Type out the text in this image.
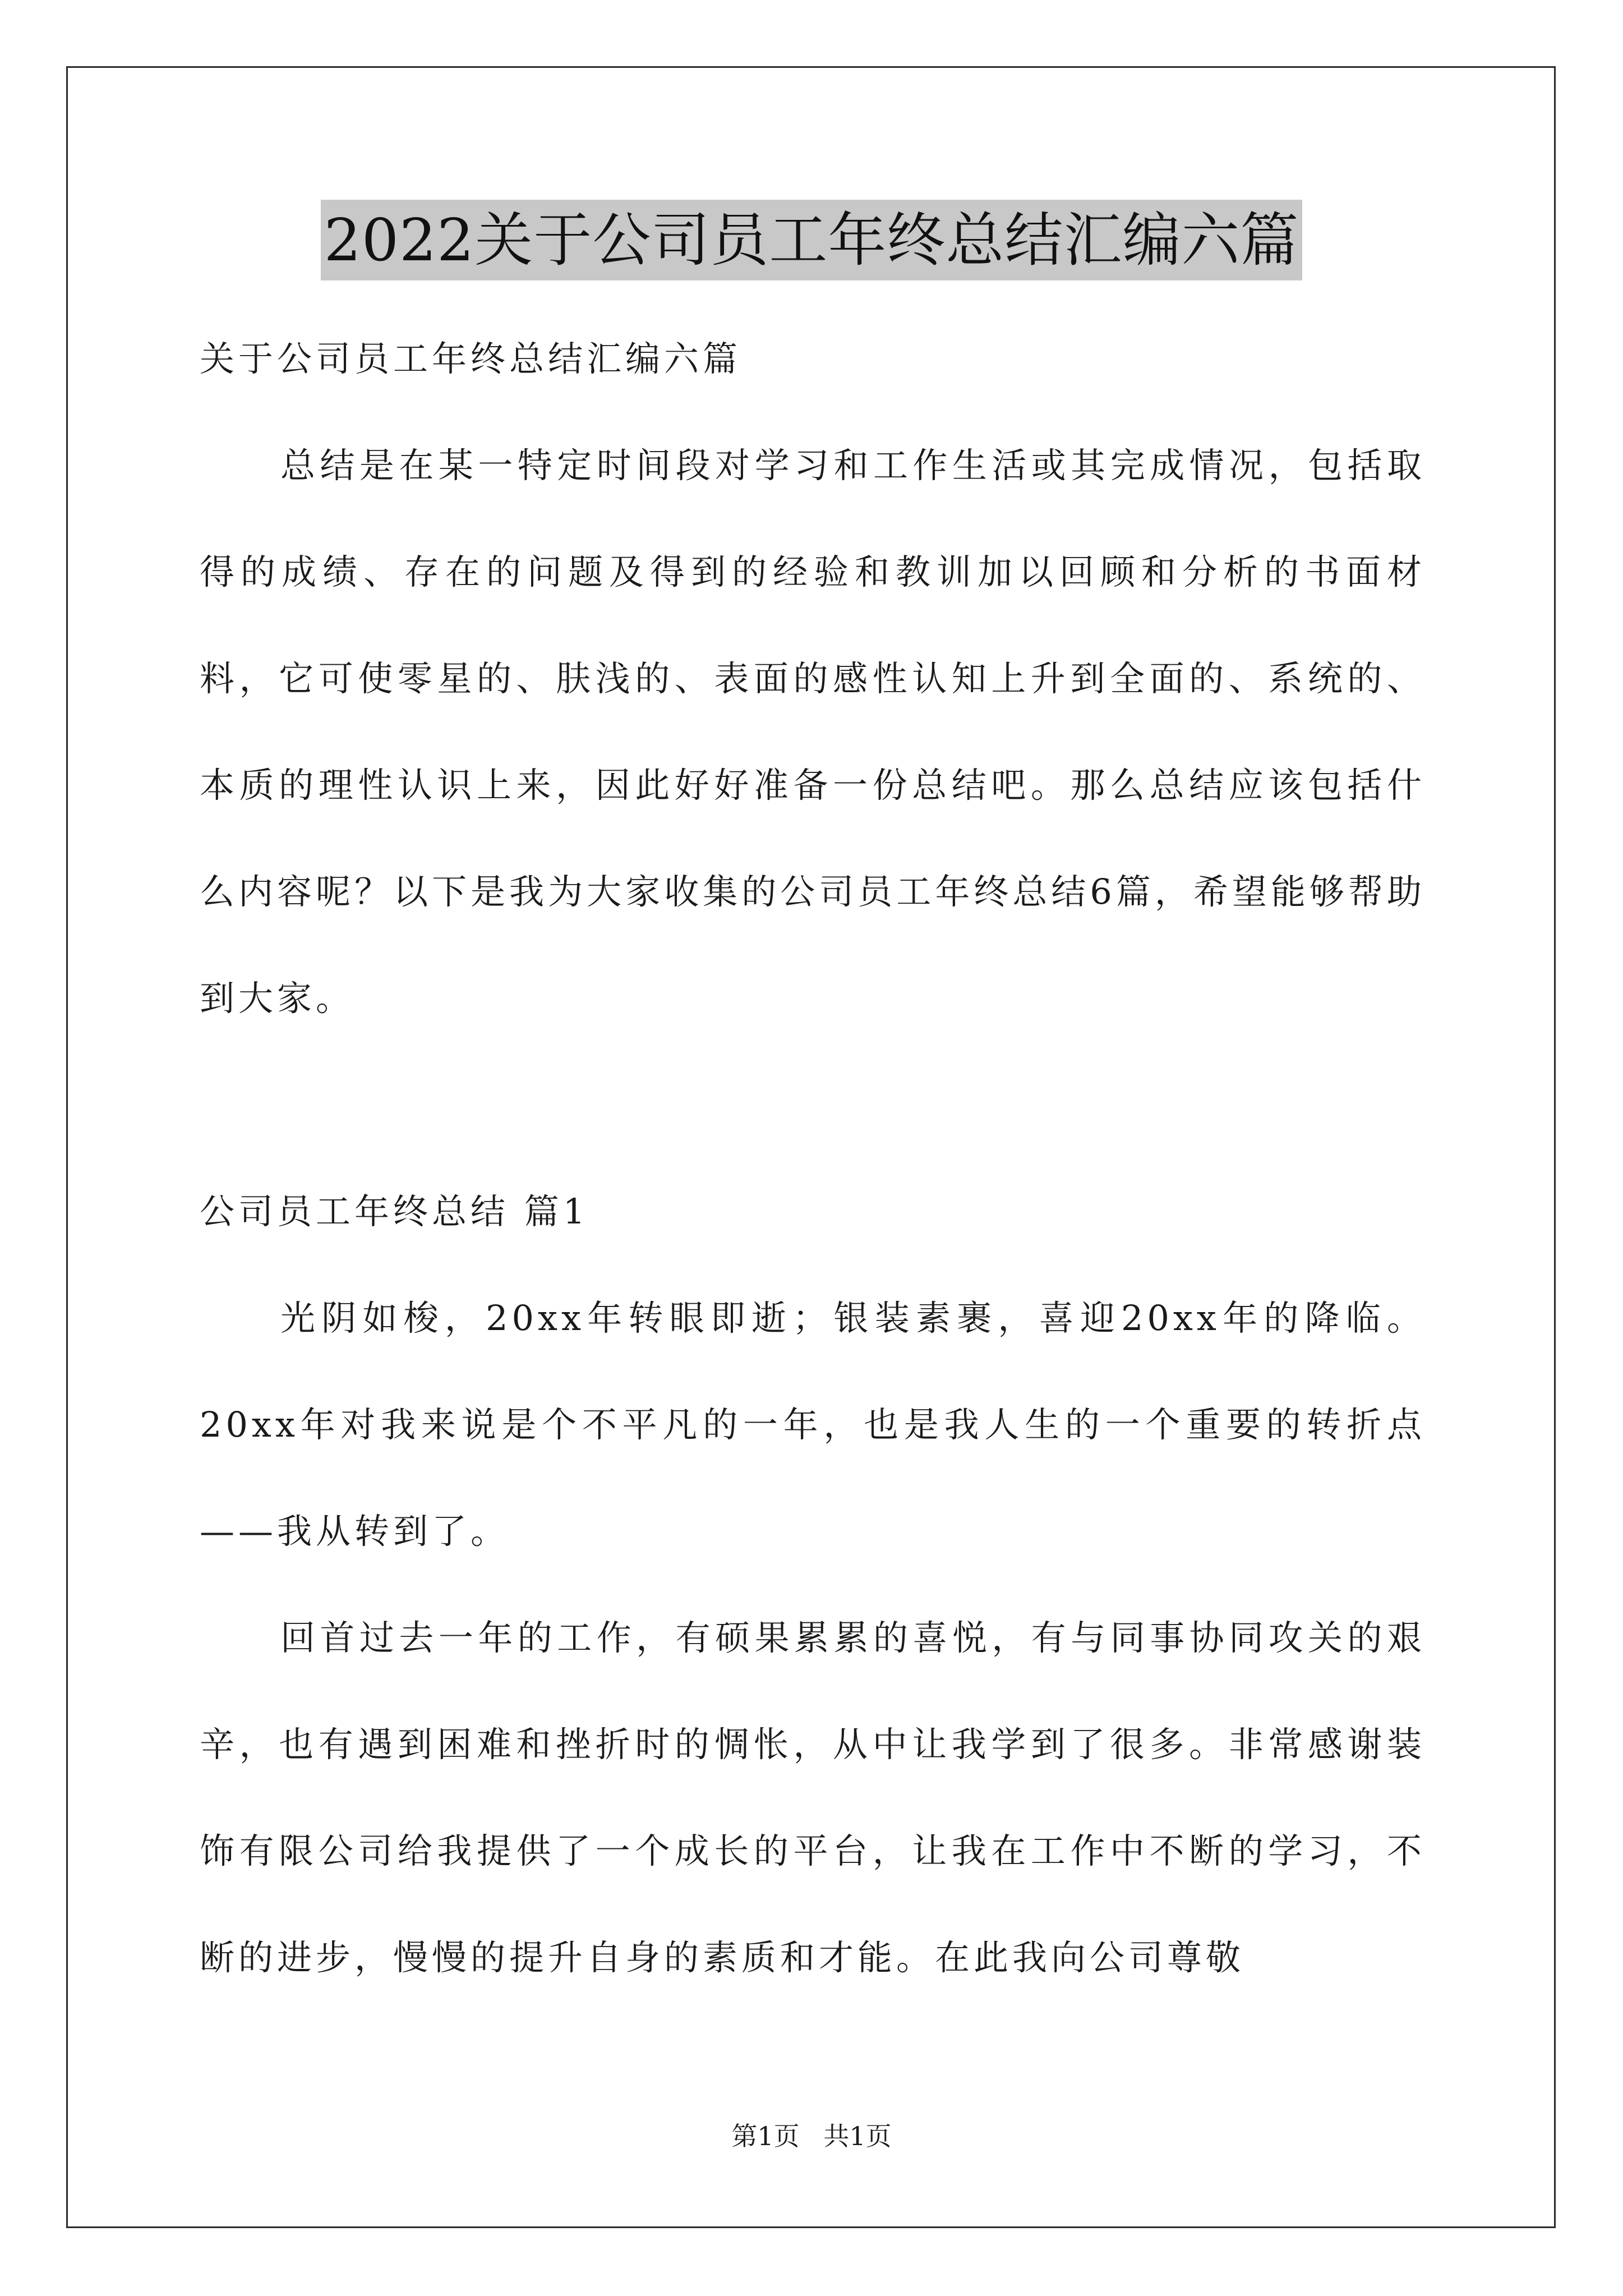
2022关于公司员工年终总结汇编六篇

关于公司员工年终总结汇编六篇

总结是在某一特定时间段对学习和工作生活或其完成情况，包括取得的成绩、存在的问题及得到的经验和教训加以回顾和分析的书面材料，它可使零星的、肤浅的、表面的感性认知上升到全面的、系统的、本质的理性认识上来，因此好好准备一份总结吧。那么总结应该包括什么内容呢？以下是我为大家收集的公司员工年终总结6篇，希望能够帮助到大家。

公司员工年终总结 篇1

光阴如梭，20xx年转眼即逝；银装素裹，喜迎20xx年的降临。20xx年对我来说是个不平凡的一年，也是我人生的一个重要的转折点——我从转到了。

回首过去一年的工作，有硕果累累的喜悦，有与同事协同攻关的艰辛，也有遇到困难和挫折时的惆怅，从中让我学到了很多。非常感谢装饰有限公司给我提供了一个成长的平台，让我在工作中不断的学习，不断的进步，慢慢的提升自身的素质和才能。在此我向公司尊敬

第1页 共1页
